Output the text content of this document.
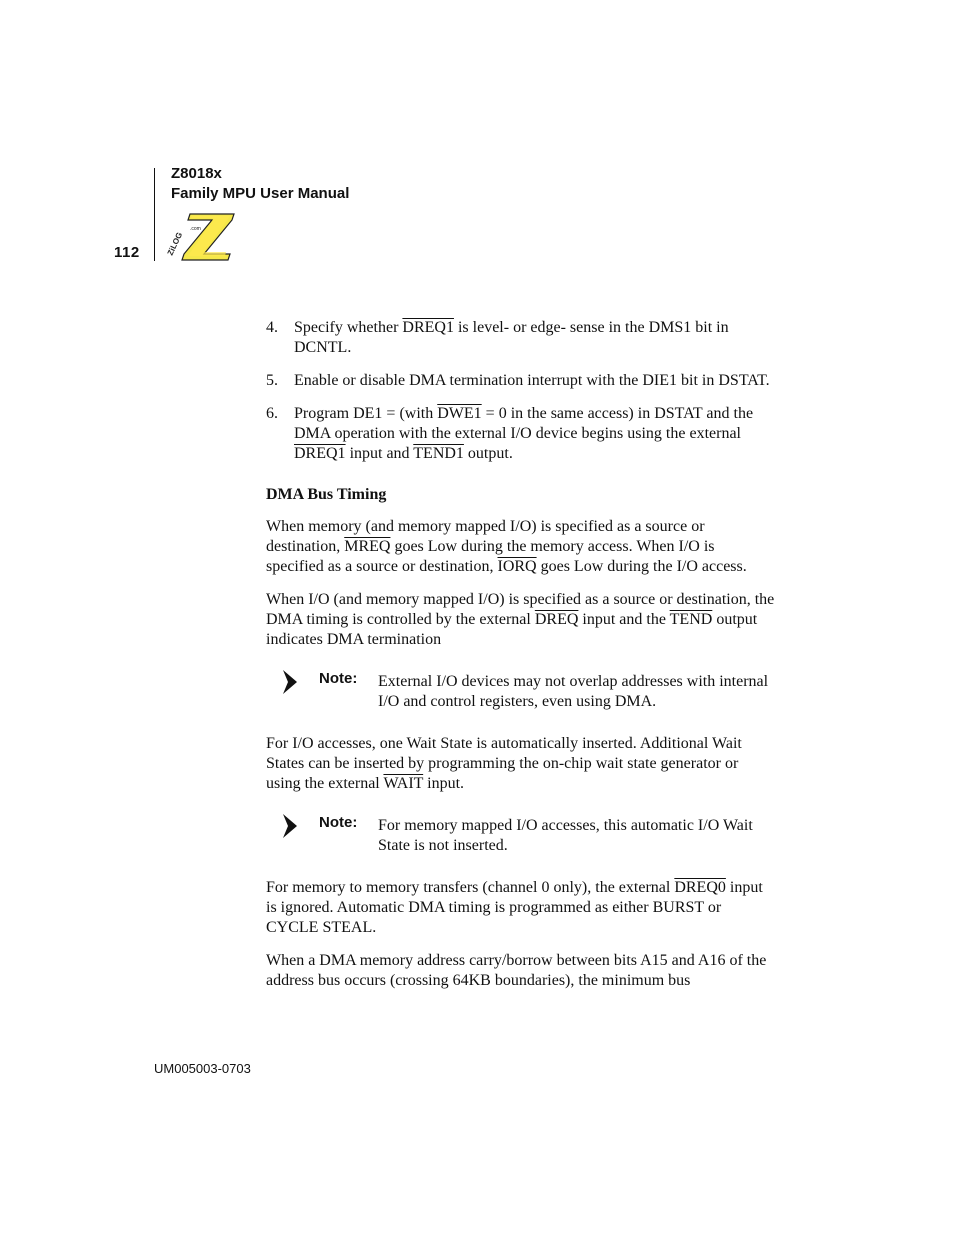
Z8018x
Family MPU User Manual
112	ZiLOG
.com
4. Specify whether DREQ1 is level- or edge- sense in the DMS1 bit in DCNTL.
5. Enable or disable DMA termination interrupt with the DIE1 bit in DSTAT.
6. Program DE1 = (with DWE1 = 0 in the same access) in DSTAT and the DMA operation with the external I/O device begins using the external DREQ1 input and TEND1 output.
DMA Bus Timing

When memory (and memory mapped I/O) is specified as a source or destination, MREQ goes Low during the memory access. When I/O is specified as a source or destination, IORQ goes Low during the I/O access.

When I/O (and memory mapped I/O) is specified as a source or destination, the DMA timing is controlled by the external DREQ input and the TEND output indicates DMA termination

Note: External I/O devices may not overlap addresses with internal I/O and control registers, even using DMA.

For I/O accesses, one Wait State is automatically inserted. Additional Wait States can be inserted by programming the on-chip wait state generator or using the external WAIT input.

Note: For memory mapped I/O accesses, this automatic I/O Wait State is not inserted.

For memory to memory transfers (channel 0 only), the external DREQ0 input is ignored. Automatic DMA timing is programmed as either BURST or CYCLE STEAL.

When a DMA memory address carry/borrow between bits A15 and A16 of the address bus occurs (crossing 64KB boundaries), the minimum bus

UM005003-0703
